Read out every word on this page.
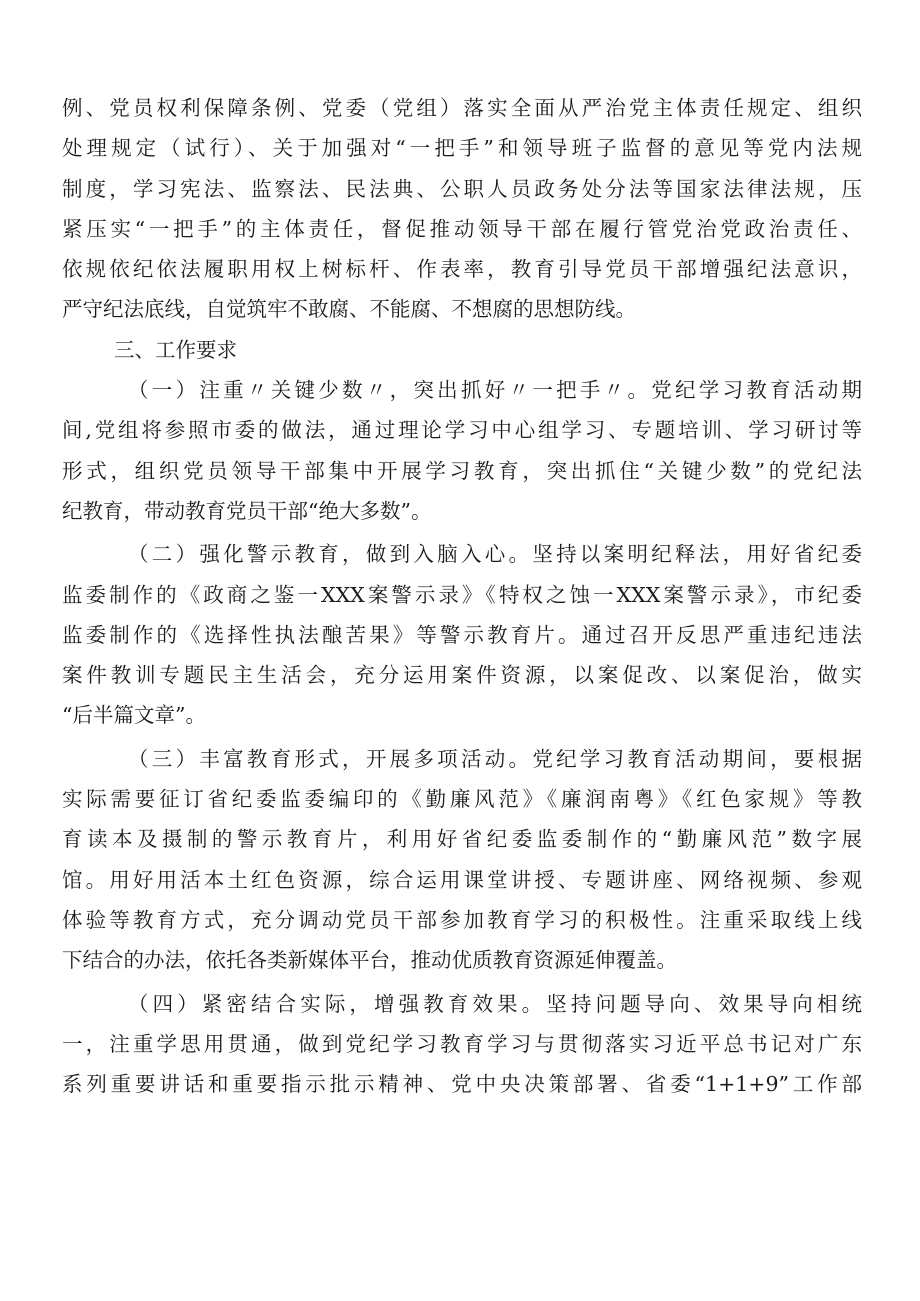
例、党员权利保障条例、党委（党组）落实全面从严治党主体责任规定、组织
处理规定（试行）、关于加强对“一把手”和领导班子监督的意见等党内法规
制度，学习宪法、监察法、民法典、公职人员政务处分法等国家法律法规，压
紧压实“一把手”的主体责任，督促推动领导干部在履行管党治党政治责任、
依规依纪依法履职用权上树标杆、作表率，教育引导党员干部增强纪法意识，
严守纪法底线，自觉筑牢不敢腐、不能腐、不想腐的思想防线。
三、工作要求
（一）注重〃关键少数〃，突出抓好〃一把手〃。党纪学习教育活动期
间,党组将参照市委的做法，通过理论学习中心组学习、专题培训、学习研讨等
形式，组织党员领导干部集中开展学习教育，突出抓住“关键少数”的党纪法
纪教育，带动教育党员干部“绝大多数”。
（二）强化警示教育，做到入脑入心。坚持以案明纪释法，用好省纪委
监委制作的《政商之鉴一XXX案警示录》《特权之蚀一XXX案警示录》，市纪委
监委制作的《选择性执法酿苦果》等警示教育片。通过召开反思严重违纪违法
案件教训专题民主生活会，充分运用案件资源，以案促改、以案促治，做实
“后半篇文章”。
（三）丰富教育形式，开展多项活动。党纪学习教育活动期间，要根据
实际需要征订省纪委监委编印的《勤廉风范》《廉润南粤》《红色家规》等教
育读本及摄制的警示教育片，利用好省纪委监委制作的“勤廉风范”数字展
馆。用好用活本土红色资源，综合运用课堂讲授、专题讲座、网络视频、参观
体验等教育方式，充分调动党员干部参加教育学习的积极性。注重采取线上线
下结合的办法，依托各类新媒体平台，推动优质教育资源延伸覆盖。
（四）紧密结合实际，增强教育效果。坚持问题导向、效果导向相统
一，注重学思用贯通，做到党纪学习教育学习与贯彻落实习近平总书记对广东
系列重要讲话和重要指示批示精神、党中央决策部署、省委“1+1+9”工作部
